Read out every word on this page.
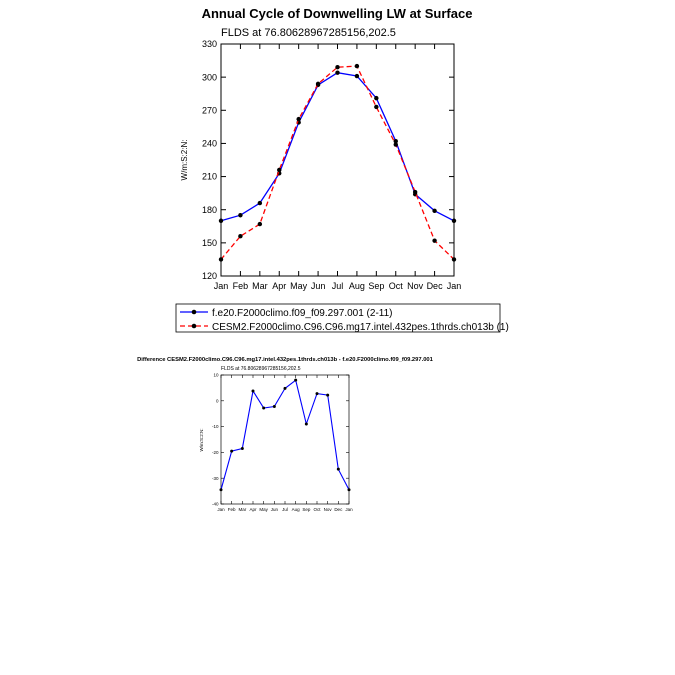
Annual Cycle of Downwelling LW at Surface
FLDS at 76.80628967285156,202.5
120
150
180
210
240
270
300
330
Jan Feb Mar Apr May Jun Jul Aug Sep Oct Nov Dec Jan
W/m:S:2:N:
f.e20.F2000climo.f09_f09.297.001 (2-11)
CESM2.F2000climo.C96.C96.mg17.intel.432pes.1thrds.ch013b (1)
Difference CESM2.F2000climo.C96.C96.mg17.intel.432pes.1thrds.ch013b - f.e20.F2000climo.f09_f09.297.001
FLDS at 76.80628967285156,202.5
-40
-30
-20
-10
0
10
Jan Feb Mar Apr May Jun Jul Aug Sep Oct Nov Dec Jan
W/m:S:2:N:
